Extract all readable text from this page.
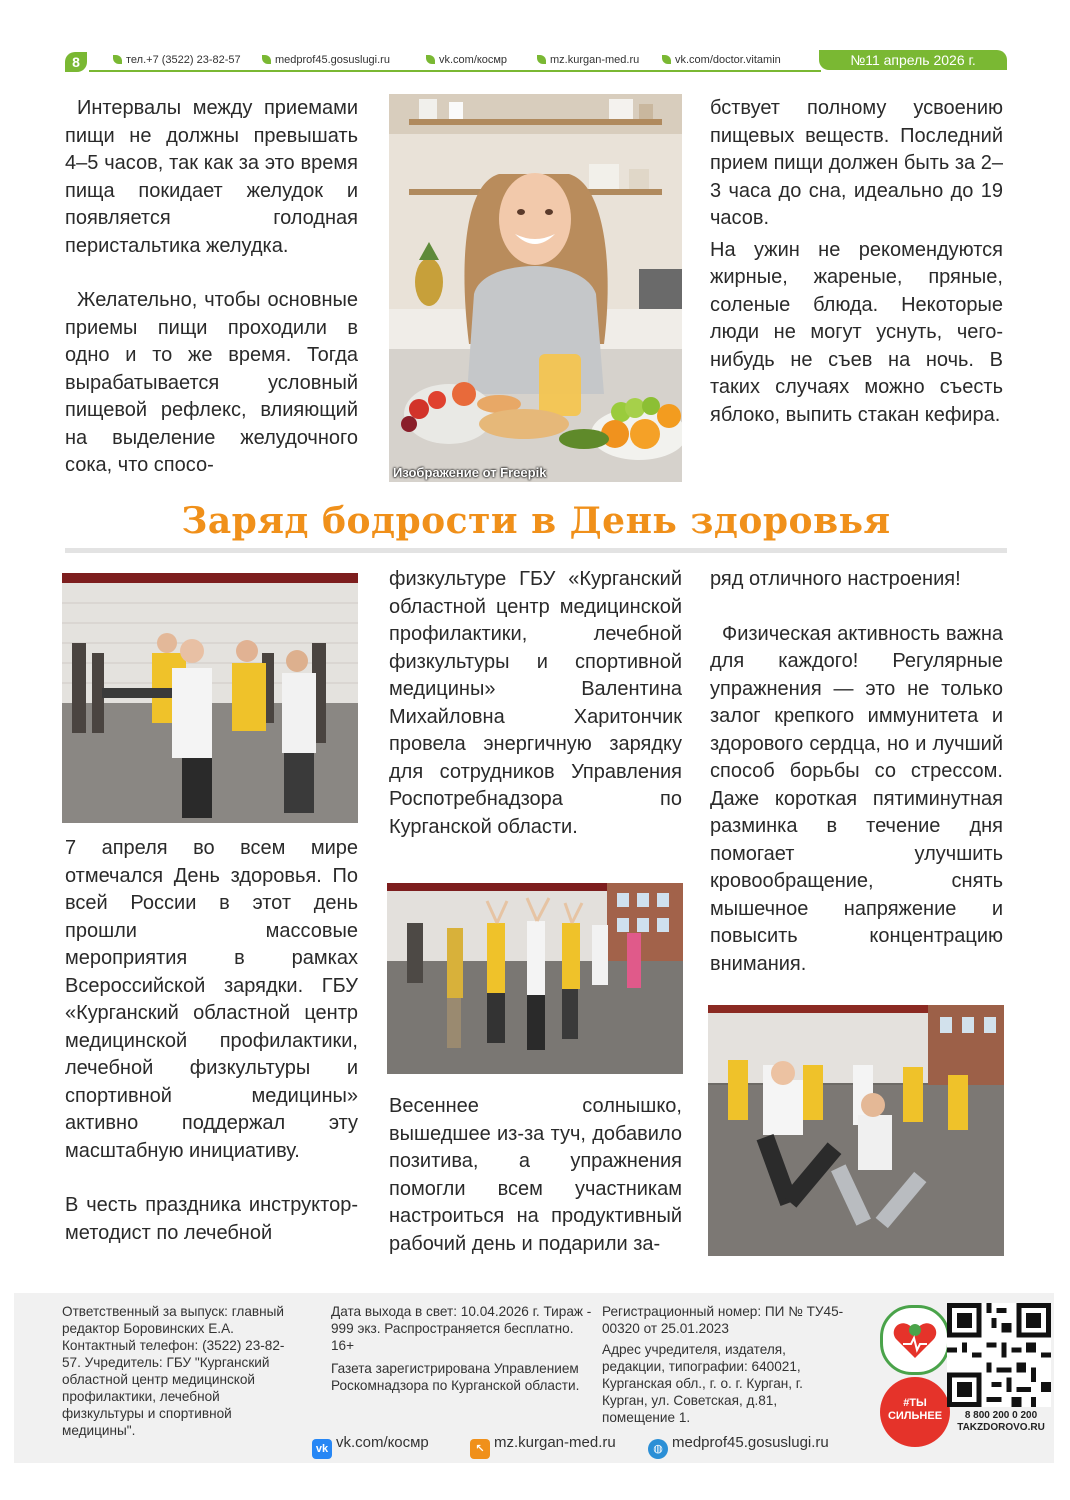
8	тел.+7 (3522) 23-82-57	medprof45.gosuslugi.ru	vk.com/кocмp	mz.kurgan-med.ru	vk.com/doctor.vitamin	№11 апрель 2026 г.

Интервалы между приемами пищи не должны превышать 4–5 часов, так как за это время пища покидает желудок и появляется голодная перистальтика желудка.

Желательно, чтобы основные приемы пищи проходили в одно и то же время. Тогда вырабатывается условный пищевой рефлекс, влияющий на выделение желудочного сока, что спосо-	Изображение от Freepik

бствует полному усвоению пищевых веществ. Последний прием пищи должен быть за 2–3 часа до сна, идеально до 19 часов.

На ужин не рекомендуются жирные, жареные, пряные, соленые блюда. Некоторые люди не могут уснуть, чего-нибудь не съев на ночь. В таких случаях можно съесть яблоко, выпить стакан кефира.

Заряд бодрости в День здоровья

7 апреля во всем мире отмечался День здоровья. По всей России в этот день прошли массовые мероприятия в рамках Всероссийской зарядки. ГБУ «Курганский областной центр медицинской профилактики, лечебной физкультуры и спортивной медицины» активно поддержал эту масштабную инициативу.

В честь праздника инструктор-методист по лечебной

физкультуре ГБУ «Курганский областной центр медицинской профилактики, лечебной физкультуры и спортивной медицины» Валентина Михайловна Харитончик провела энергичную зарядку для сотрудников Управления Роспотребнадзора по Курганской области.

Весеннее солнышко, вышедшее из-за туч, добавило позитива, а упражнения помогли всем участникам настроиться на продуктивный рабочий день и подарили за-

ряд отличного настроения!

Физическая активность важна для каждого! Регулярные упражнения — это не только залог крепкого иммунитета и здорового сердца, но и лучший способ борьбы со стрессом. Даже короткая пятиминутная разминка в течение дня помогает улучшить кровообращение, снять мышечное напряжение и повысить концентрацию внимания.

Ответственный за выпуск: главный редактор Боровинских Е.А. Контактный телефон: (3522) 23-82-57. Учредитель: ГБУ "Курганский областной центр медицинской профилактики, лечебной физкультуры и спортивной медицины".
Дата выхода в свет: 10.04.2026 г. Тираж - 999 экз. Распространяется бесплатно. 16+
Газета зарегистрирована Управлением Роскомнадзора по Курганской области.
Регистрационный номер: ПИ № ТУ45-00320 от 25.01.2023
Адрес учредителя, издателя, редакции, типографии: 640021, Курганская обл., г. о. г. Курган, г. Курган, ул. Советская, д.81, помещение 1.
vk vk.com/кocмp	↖ mz.kurgan-med.ru	◍ medprof45.gosuslugi.ru
#ТЫ СИЛЬНЕЕ	8 800 200 0 200
TAKZDOROVO.RU
